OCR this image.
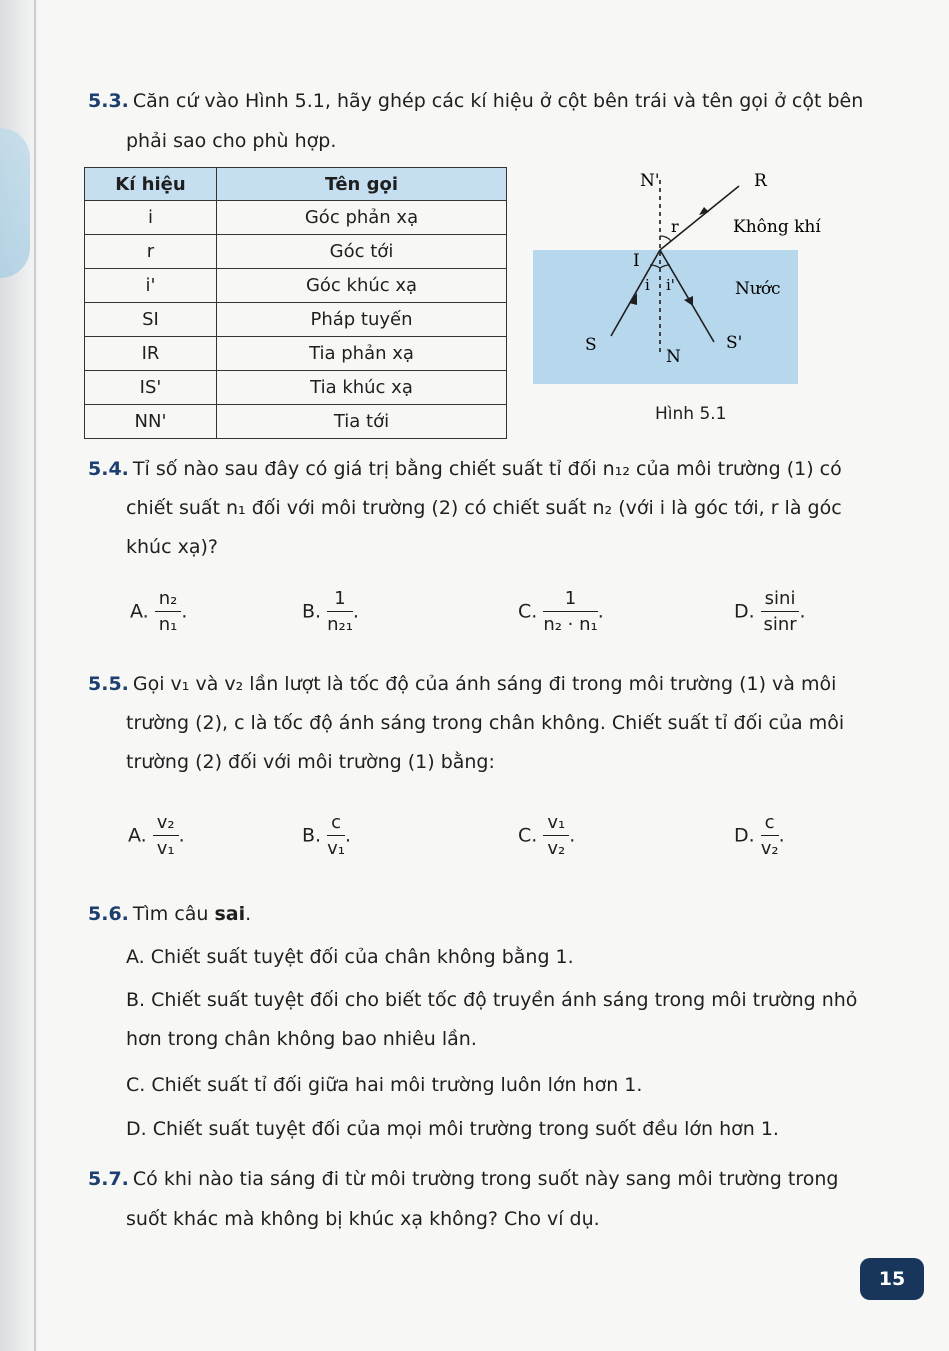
5.3. Căn cứ vào Hình 5.1, hãy ghép các kí hiệu ở cột bên trái và tên gọi ở cột bên
phải sao cho phù hợp.
Kí hiệu	Tên gọi
i	Góc phản xạ
r	Góc tới
i'	Góc khúc xạ
SI	Pháp tuyến
IR	Tia phản xạ
IS'	Tia khúc xạ
NN'	Tia tới
N'	R
Không khí
r
I
i i'	Nước
S
N
S'
Hình 5.1
5.4. Tỉ số nào sau đây có giá trị bằng chiết suất tỉ đối n₁₂ của môi trường (1) có
chiết suất n₁ đối với môi trường (2) có chiết suất n₂ (với i là góc tới, r là góc
khúc xạ)?
A. $\frac{\text{n₂}}{\text{n₁}}$ .	B. $\frac{1}{\text{n₂₁}}$ .	C. $\frac{1}{\text{n₂ · n₁}}$ .	D. $\frac{\sin i}{\sin r}$ .
5.5. Gọi v₁ và v₂ lần lượt là tốc độ của ánh sáng đi trong môi trường (1) và môi
trường (2), c là tốc độ ánh sáng trong chân không. Chiết suất tỉ đối của môi
trường (2) đối với môi trường (1) bằng:
A. $\frac{\text{v₂}}{\text{v₁}}$ .	B. $\frac{c}{\text{v₁}}$ .	C. $\frac{\text{v₁}}{\text{v₂}}$ .	D. $\frac{c}{\text{v₂}}$ .
5.6. Tìm câu sai.
A. Chiết suất tuyệt đối của chân không bằng 1.
B. Chiết suất tuyệt đối cho biết tốc độ truyền ánh sáng trong môi trường nhỏ
hơn trong chân không bao nhiêu lần.
C. Chiết suất tỉ đối giữa hai môi trường luôn lớn hơn 1.
D. Chiết suất tuyệt đối của mọi môi trường trong suốt đều lớn hơn 1.
5.7. Có khi nào tia sáng đi từ môi trường trong suốt này sang môi trường trong
suốt khác mà không bị khúc xạ không? Cho ví dụ.
15
